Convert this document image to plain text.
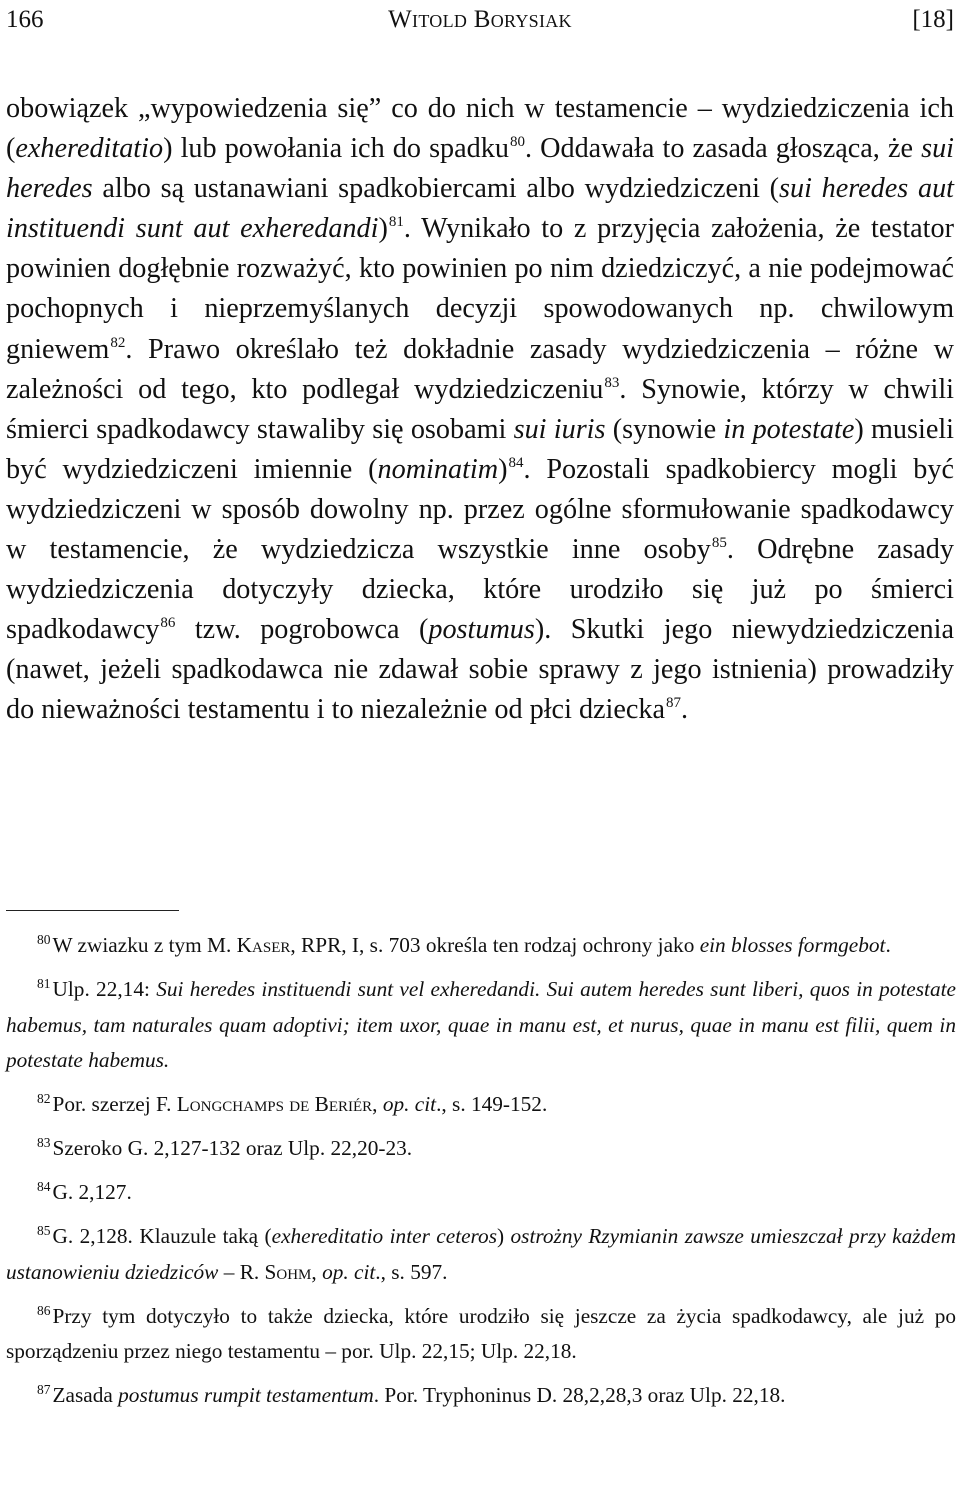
166	Witold Borysiak	[18]

obowiązek „wypowiedzenia się” co do nich w testamencie – wydziedziczenia ich (exhereditatio) lub powołania ich do spadku$^{80}$. Oddawała to zasada głosząca, że sui heredes albo są ustanawiani spadkobiercami albo wydziedziczeni (sui heredes aut instituendi sunt aut exheredandi)$^{81}$. Wynikało to z przyjęcia założenia, że testator powinien dogłębnie rozważyć, kto powinien po nim dziedziczyć, a nie podejmować pochopnych i nieprzemyślanych decyzji spowodowanych np. chwilowym gniewem$^{82}$. Prawo określało też dokładnie zasady wydziedziczenia – różne w zależności od tego, kto podlegał wydziedziczeniu$^{83}$. Synowie, którzy w chwili śmierci spadkodawcy stawaliby się osobami sui iuris (synowie in potestate) musieli być wydziedziczeni imiennie (nominatim)$^{84}$. Pozostali spadkobiercy mogli być wydziedziczeni w sposób dowolny np. przez ogólne sformułowanie spadkodawcy w testamencie, że wydziedzicza wszystkie inne osoby$^{85}$. Odrębne zasady wydziedziczenia dotyczyły dziecka, które urodziło się już po śmierci spadkodawcy$^{86}$ tzw. pogrobowca (postumus). Skutki jego niewydziedziczenia (nawet, jeżeli spadkodawca nie zdawał sobie sprawy z jego istnienia) prowadziły do nieważności testamentu i to niezależnie od płci dziecka$^{87}$.

$^{80}$W zwiazku z tym M. Kaser, RPR, I, s. 703 określa ten rodzaj ochrony jako ein blosses formgebot.

$^{81}$Ulp. 22,14: Sui heredes instituendi sunt vel exheredandi. Sui autem heredes sunt liberi, quos in potestate habemus, tam naturales quam adoptivi; item uxor, quae in manu est, et nurus, quae in manu est filii, quem in potestate habemus.

$^{82}$Por. szerzej F. Longchamps de Beriér, op. cit., s. 149-152.

$^{83}$Szeroko G. 2,127-132 oraz Ulp. 22,20-23.

$^{84}$G. 2,127.

$^{85}$G. 2,128. Klauzule taką (exhereditatio inter ceteros) ostrożny Rzymianin zawsze umieszczał przy każdem ustanowieniu dziedziców – R. Sohm, op. cit., s. 597.

$^{86}$Przy tym dotyczyło to także dziecka, które urodziło się jeszcze za życia spadkodawcy, ale już po sporządzeniu przez niego testamentu – por. Ulp. 22,15; Ulp. 22,18.

$^{87}$Zasada postumus rumpit testamentum. Por. Tryphoninus D. 28,2,28,3 oraz Ulp. 22,18.
